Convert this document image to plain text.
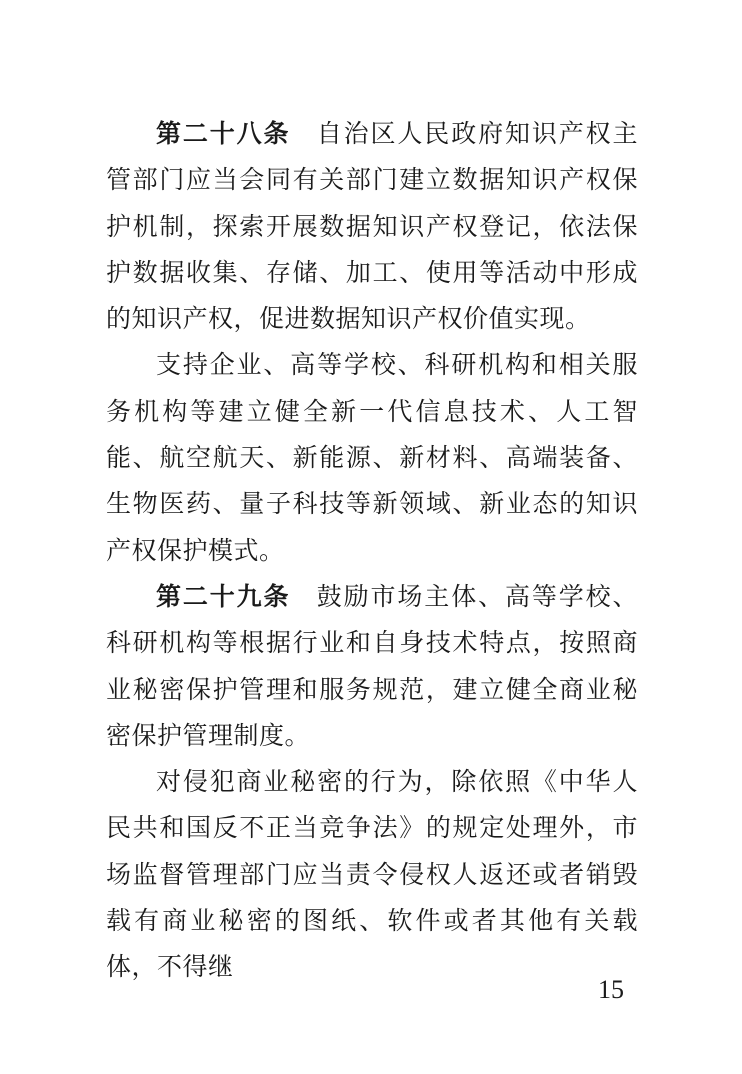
第二十八条 自治区人民政府知识产权主管部门应当会同有关部门建立数据知识产权保护机制，探索开展数据知识产权登记，依法保护数据收集、存储、加工、使用等活动中形成的知识产权，促进数据知识产权价值实现。

支持企业、高等学校、科研机构和相关服务机构等建立健全新一代信息技术、人工智能、航空航天、新能源、新材料、高端装备、生物医药、量子科技等新领域、新业态的知识产权保护模式。

第二十九条 鼓励市场主体、高等学校、科研机构等根据行业和自身技术特点，按照商业秘密保护管理和服务规范，建立健全商业秘密保护管理制度。

对侵犯商业秘密的行为，除依照《中华人民共和国反不正当竞争法》的规定处理外，市场监督管理部门应当责令侵权人返还或者销毁载有商业秘密的图纸、软件或者其他有关载体，不得继

15
